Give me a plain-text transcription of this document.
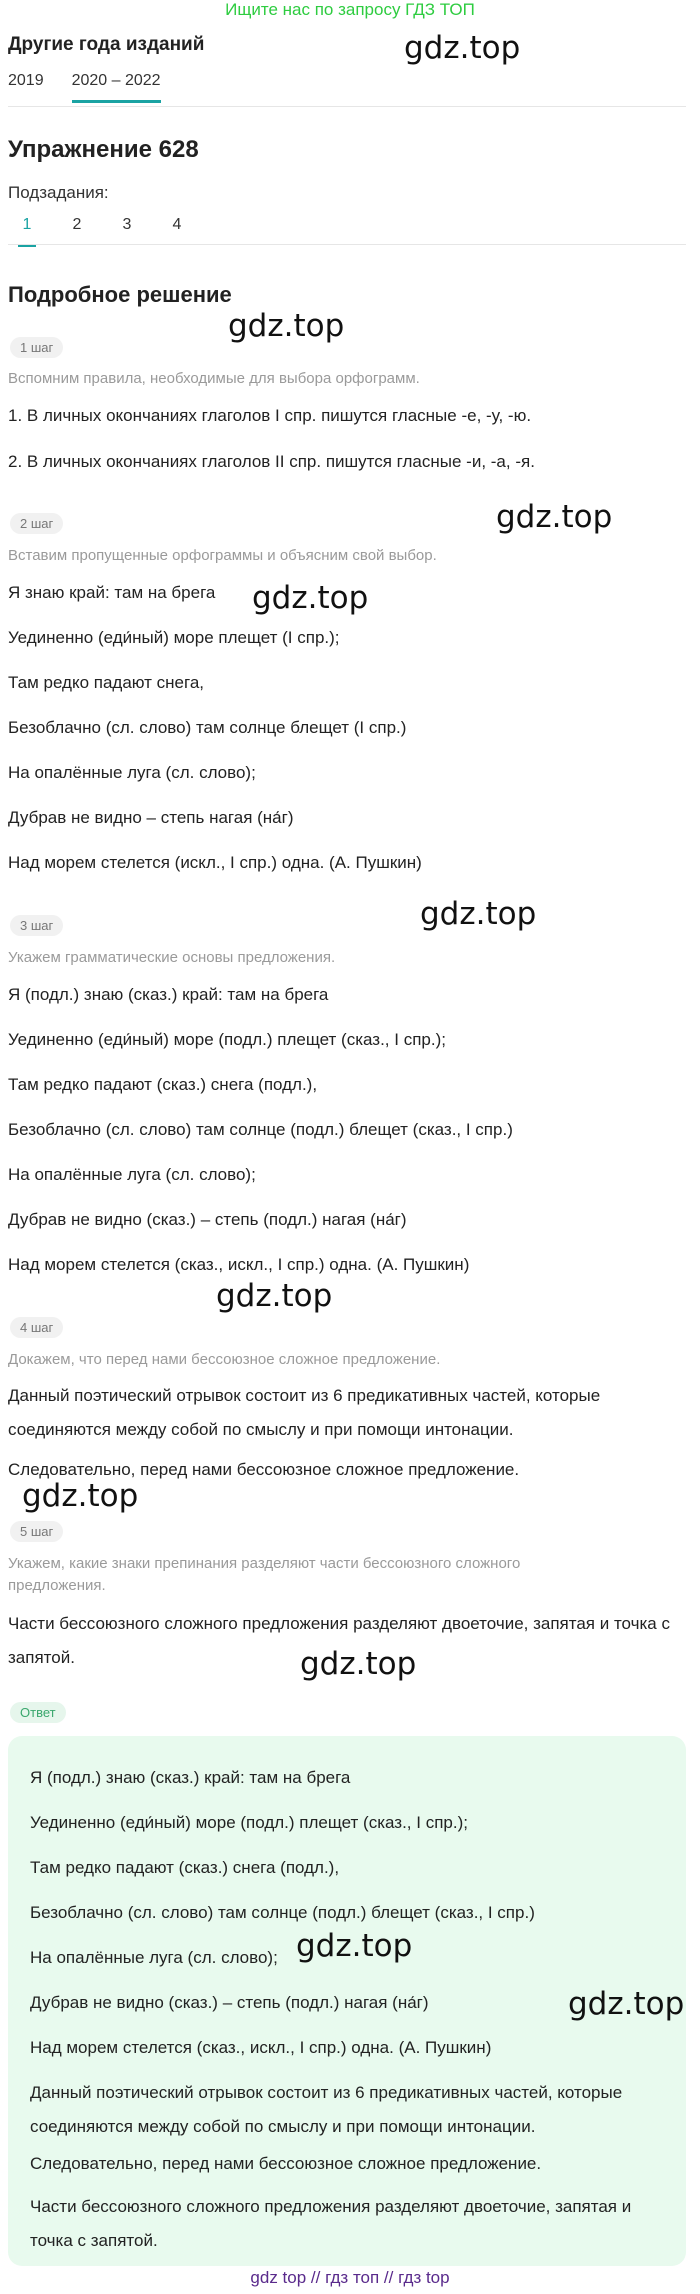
Ищите нас по запросу ГДЗ ТОП
Другие года изданий	gdz.top
2019 2020 – 2022
Упражнение 628
Подзадания:
1	2	3	4
Подробное решение
gdz.top
1 шаг
Вспомним правила, необходимые для выбора орфограмм.
1. В личных окончаниях глаголов I спр. пишутся гласные -е, -у, -ю.
2. В личных окончаниях глаголов II спр. пишутся гласные -и, -а, -я.
2 шаг	gdz.top
Вставим пропущенные орфограммы и объясним свой выбор.
Я знаю край: там на брега gdz.top
Уединенно (еди́ный) море плещет (I спр.);
Там редко падают снега,
Безоблачно (сл. слово) там солнце блещет (I спр.)
На опалённые луга (сл. слово);
Дубрав не видно – степь нагая (на́г)
Над морем стелется (искл., I спр.) одна. (А. Пушкин)
3 шаг	gdz.top
Укажем грамматические основы предложения.
Я (подл.) знаю (сказ.) край: там на брега
Уединенно (еди́ный) море (подл.) плещет (сказ., I спр.);
Там редко падают (сказ.) снега (подл.),
Безоблачно (сл. слово) там солнце (подл.) блещет (сказ., I спр.)
На опалённые луга (сл. слово);
Дубрав не видно (сказ.) – степь (подл.) нагая (на́г)
Над морем стелется (сказ., искл., I спр.) одна. (А. Пушкин)
gdz.top
4 шаг
Докажем, что перед нами бессоюзное сложное предложение.
Данный поэтический отрывок состоит из 6 предикативных частей, которые соединяются между собой по смыслу и при помощи интонации.
Следовательно, перед нами бессоюзное сложное предложение.
gdz.top
5 шаг
Укажем, какие знаки препинания разделяют части бессоюзного сложного предложения.
Части бессоюзного сложного предложения разделяют двоеточие, запятая и точка с запятой.	gdz.top
Ответ
Я (подл.) знаю (сказ.) край: там на брега
Уединенно (еди́ный) море (подл.) плещет (сказ., I спр.);
Там редко падают (сказ.) снега (подл.),
Безоблачно (сл. слово) там солнце (подл.) блещет (сказ., I спр.)
На опалённые луга (сл. слово); gdz.top
Дубрав не видно (сказ.) – степь (подл.) нагая (на́г)	gdz.top
Над морем стелется (сказ., искл., I спр.) одна. (А. Пушкин)
Данный поэтический отрывок состоит из 6 предикативных частей, которые соединяются между собой по смыслу и при помощи интонации.
Следовательно, перед нами бессоюзное сложное предложение.
Части бессоюзного сложного предложения разделяют двоеточие, запятая и точка с запятой.
gdz top // гдз топ // гдз top
